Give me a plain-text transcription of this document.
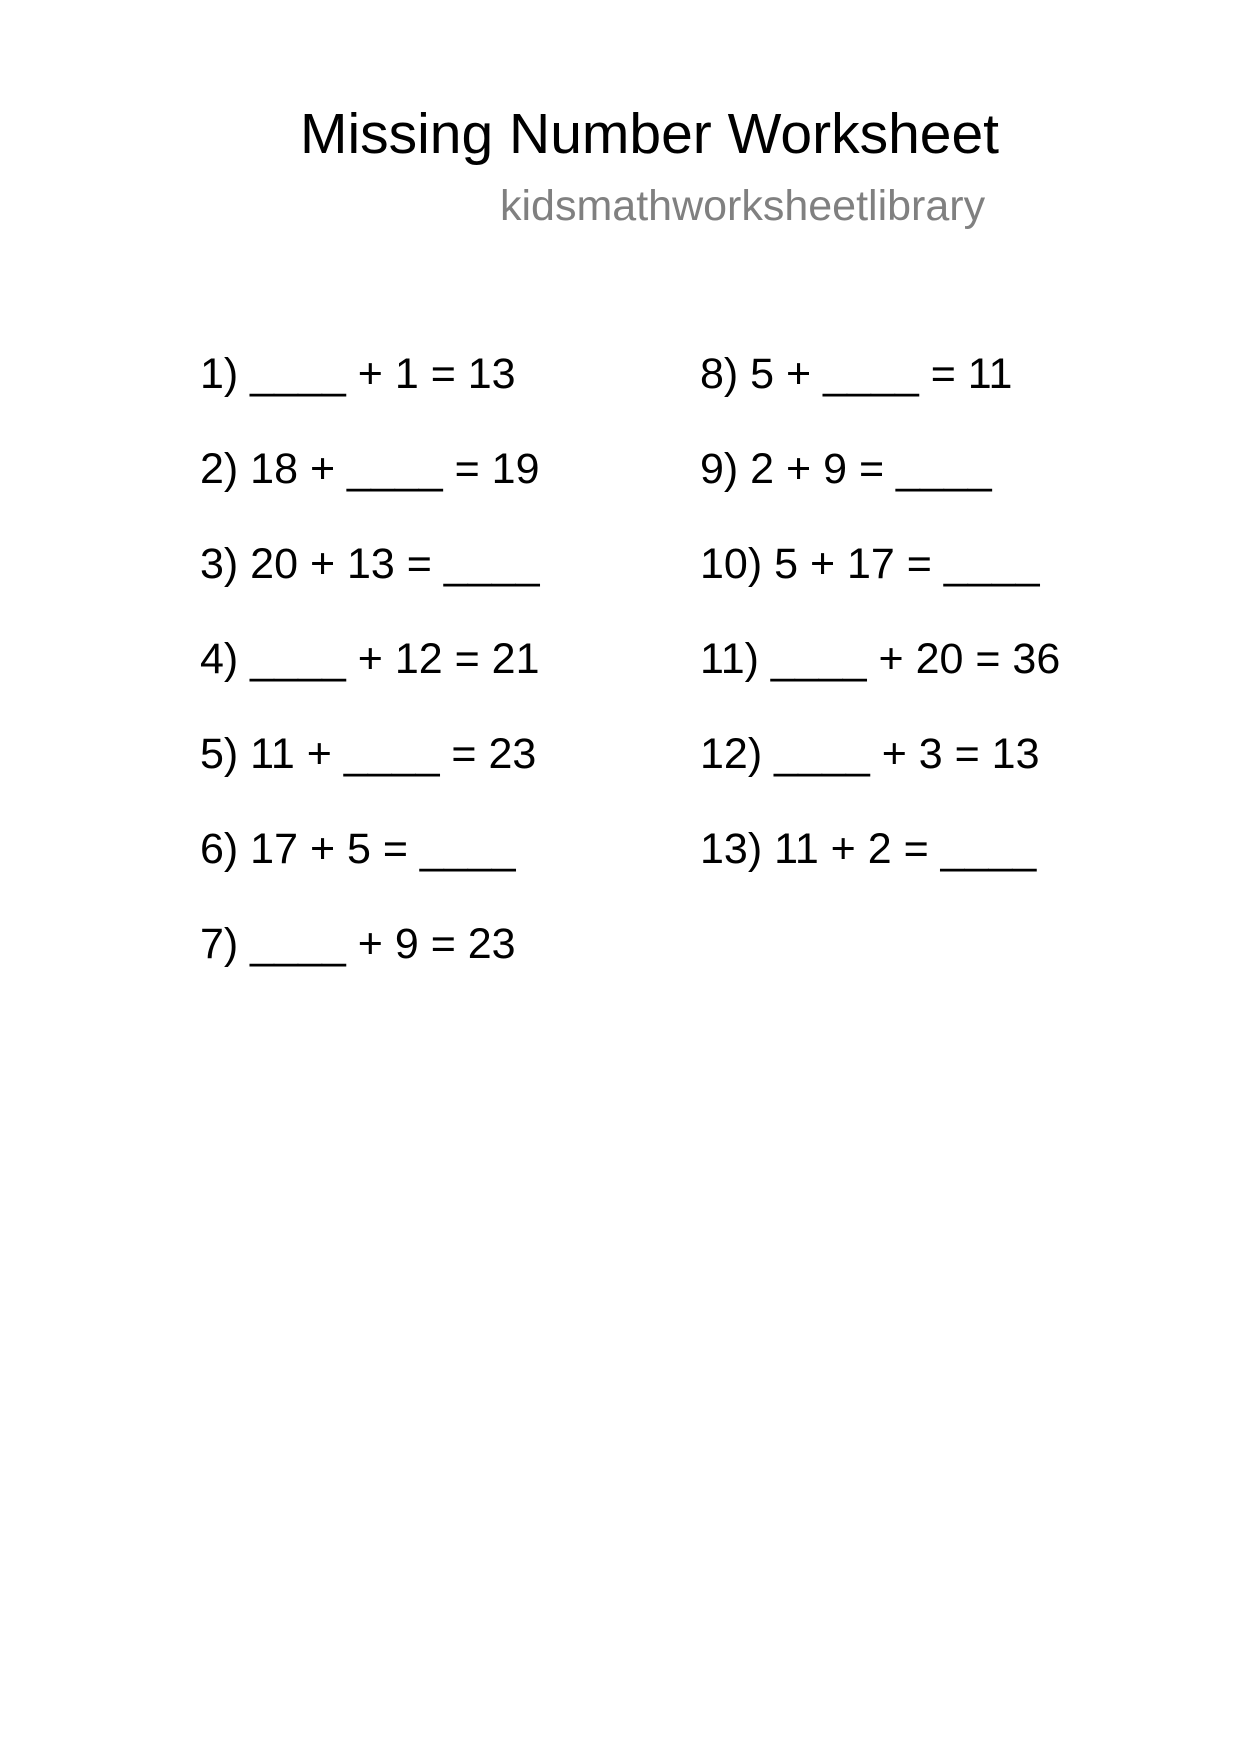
Missing Number Worksheet
kidsmathworksheetlibrary
1) ____ + 1 = 13
2) 18 + ____ = 19
3) 20 + 13 = ____
4) ____ + 12 = 21
5) 11 + ____ = 23
6) 17 + 5 = ____
7) ____ + 9 = 23
8) 5 + ____ = 11
9) 2 + 9 = ____
10) 5 + 17 = ____
11) ____ + 20 = 36
12) ____ + 3 = 13
13) 11 + 2 = ____
